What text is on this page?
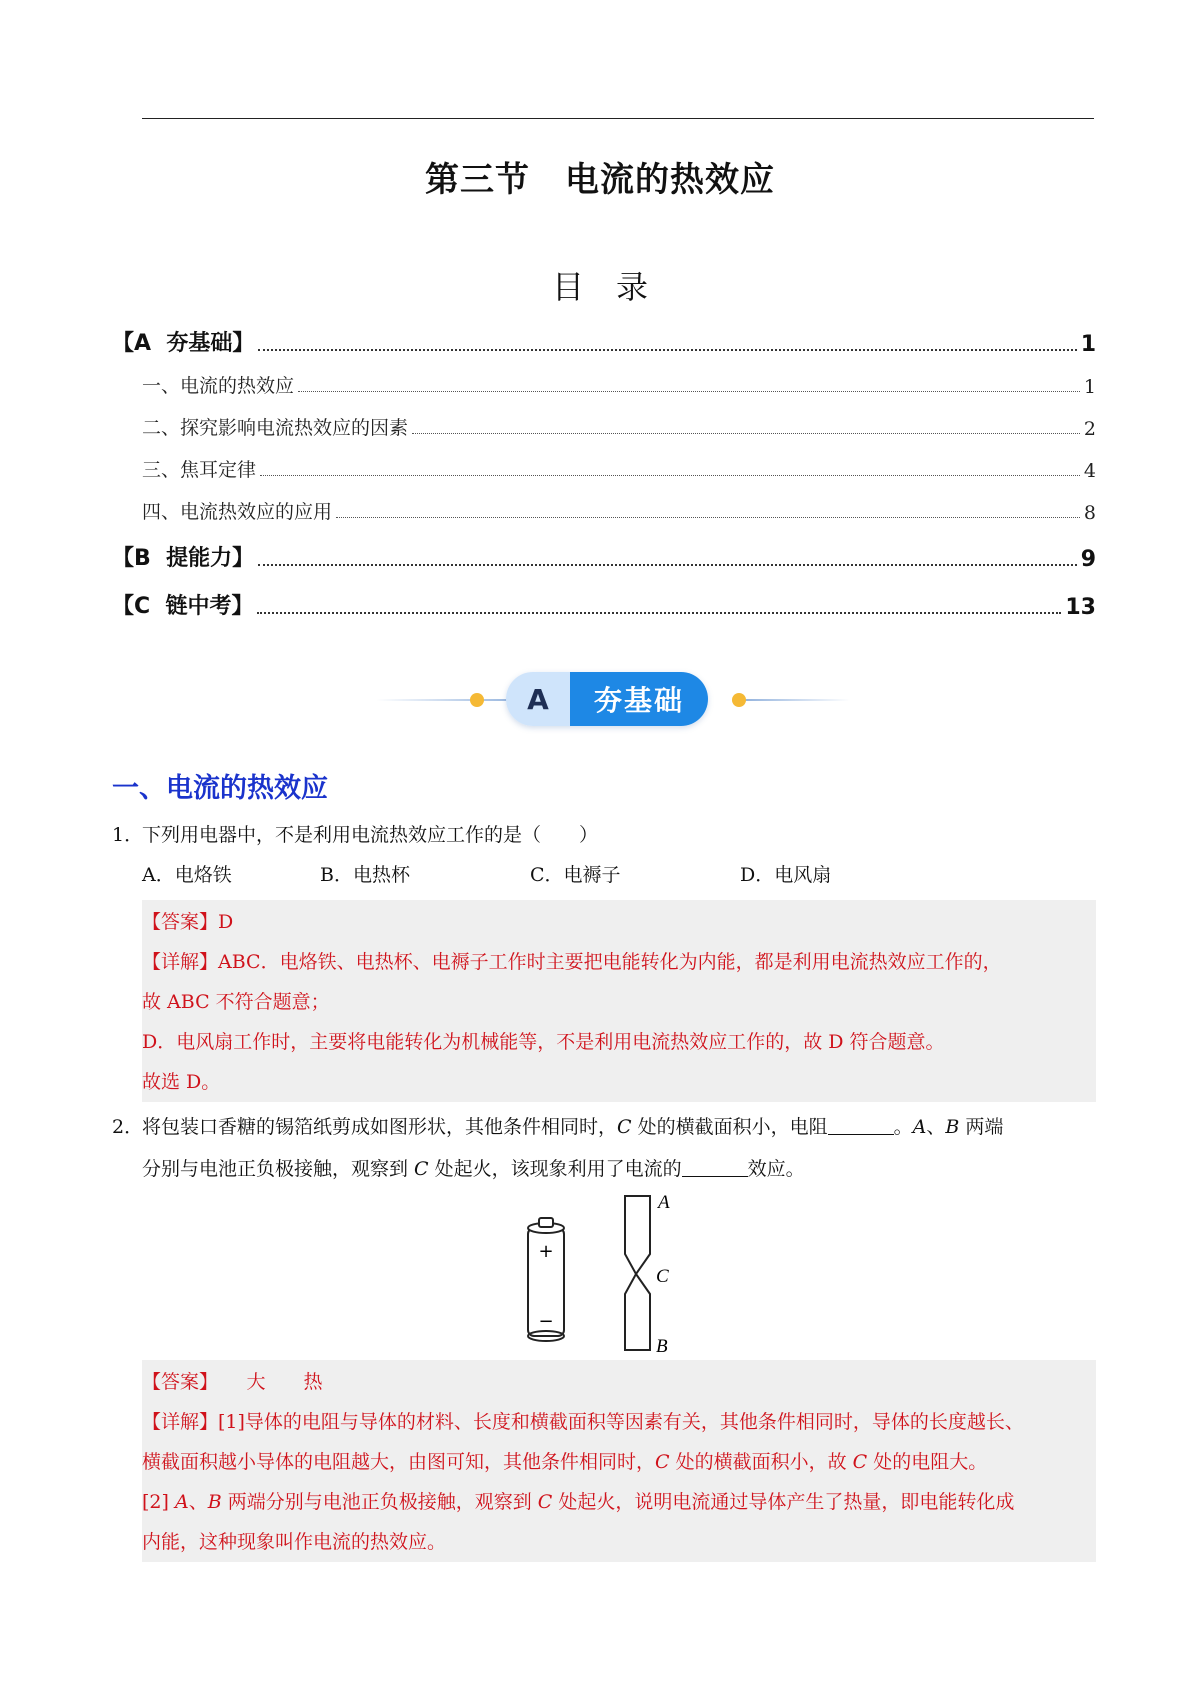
第三节　电流的热效应
目　录
【A  夯基础】	1
一、电流的热效应	1
二、探究影响电流热效应的因素	2
三、焦耳定律	4
四、电流热效应的应用	8
【B  提能力】	9
【C  链中考】	13
A	夯基础
一、电流的热效应

1．

下列用电器中，不是利用电流热效应工作的是（　　）

A．电烙铁	B．电热杯	C．电褥子	D．电风扇
【答案】D
【详解】ABC．电烙铁、电热杯、电褥子工作时主要把电能转化为内能，都是利用电流热效应工作的，
故 ABC 不符合题意；
D．电风扇工作时，主要将电能转化为机械能等，不是利用电流热效应工作的，故 D 符合题意。
故选 D。
2．
将包装口香糖的锡箔纸剪成如图形状，其他条件相同时，C 处的横截面积小，电阻	。A、B 两端
分别与电池正负极接触，观察到 C 处起火，该现象利用了电流的	效应。
+
−
A
C
B
【答案】　　大　　热
【详解】[1]导体的电阻与导体的材料、长度和横截面积等因素有关，其他条件相同时，导体的长度越长、
横截面积越小导体的电阻越大，由图可知，其他条件相同时，C 处的横截面积小，故 C 处的电阻大。
[2] A、B 两端分别与电池正负极接触，观察到 C 处起火，说明电流通过导体产生了热量，即电能转化成
内能，这种现象叫作电流的热效应。
